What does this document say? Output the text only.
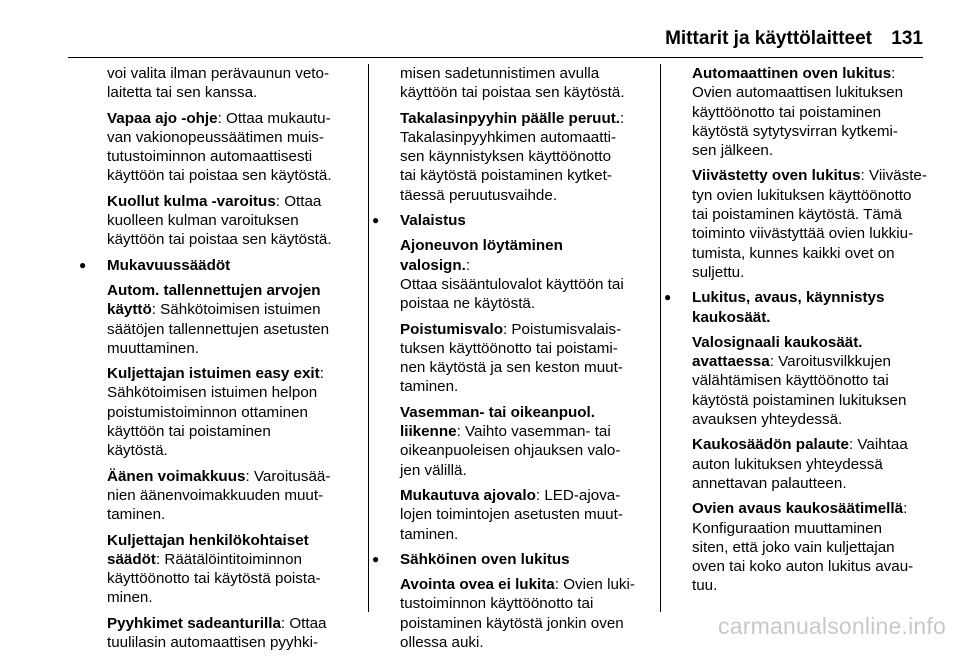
Mittarit ja käyttölaitteet 131

voi valita ilman perävaunun veto-
laitetta tai sen kanssa.

Vapaa ajo -ohje: Ottaa mukautu-
van vakionopeussäätimen muis-
tutustoiminnon automaattisesti
käyttöön tai poistaa sen käytöstä.

Kuollut kulma -varoitus: Ottaa
kuolleen kulman varoituksen
käyttöön tai poistaa sen käytöstä.

● Mukavuussäädöt

Autom. tallennettujen arvojen
käyttö: Sähkötoimisen istuimen
säätöjen tallennettujen asetusten
muuttaminen.

Kuljettajan istuimen easy exit:
Sähkötoimisen istuimen helpon
poistumistoiminnon ottaminen
käyttöön tai poistaminen
käytöstä.

Äänen voimakkuus: Varoitusää-
nien äänenvoimakkuuden muut-
taminen.

Kuljettajan henkilökohtaiset
säädöt: Räätälöintitoiminnon
käyttöönotto tai käytöstä poista-
minen.

Pyyhkimet sadeanturilla: Ottaa
tuulilasin automaattisen pyyhki-

misen sadetunnistimen avulla
käyttöön tai poistaa sen käytöstä.

Takalasinpyyhin päälle peruut.:
Takalasinpyyhkimen automaatti-
sen käynnistyksen käyttöönotto
tai käytöstä poistaminen kytket-
täessä peruutusvaihde.

● Valaistus

Ajoneuvon löytäminen valosign.:
Ottaa sisääntulovalot käyttöön tai
poistaa ne käytöstä.

Poistumisvalo: Poistumisvalais-
tuksen käyttöönotto tai poistami-
nen käytöstä ja sen keston muut-
taminen.

Vasemman- tai oikeanpuol.
liikenne: Vaihto vasemman- tai
oikeanpuoleisen ohjauksen valo-
jen välillä.

Mukautuva ajovalo: LED-ajova-
lojen toimintojen asetusten muut-
taminen.

● Sähköinen oven lukitus

Avointa ovea ei lukita: Ovien luki-
tustoiminnon käyttöönotto tai
poistaminen käytöstä jonkin oven
ollessa auki.

Automaattinen oven lukitus:
Ovien automaattisen lukituksen
käyttöönotto tai poistaminen
käytöstä sytytysvirran kytkemi-
sen jälkeen.

Viivästetty oven lukitus: Viiväste-
tyn ovien lukituksen käyttöönotto
tai poistaminen käytöstä. Tämä
toiminto viivästyttää ovien lukkiu-
tumista, kunnes kaikki ovet on
suljettu.

● Lukitus, avaus, käynnistys
kaukosäät.

Valosignaali kaukosäät.
avattaessa: Varoitusvilkkujen
välähtämisen käyttöönotto tai
käytöstä poistaminen lukituksen
avauksen yhteydessä.

Kaukosäädön palaute: Vaihtaa
auton lukituksen yhteydessä
annettavan palautteen.

Ovien avaus kaukosäätimellä:
Konfiguraation muuttaminen
siten, että joko vain kuljettajan
oven tai koko auton lukitus avau-
tuu.

carmanualsonline.info
